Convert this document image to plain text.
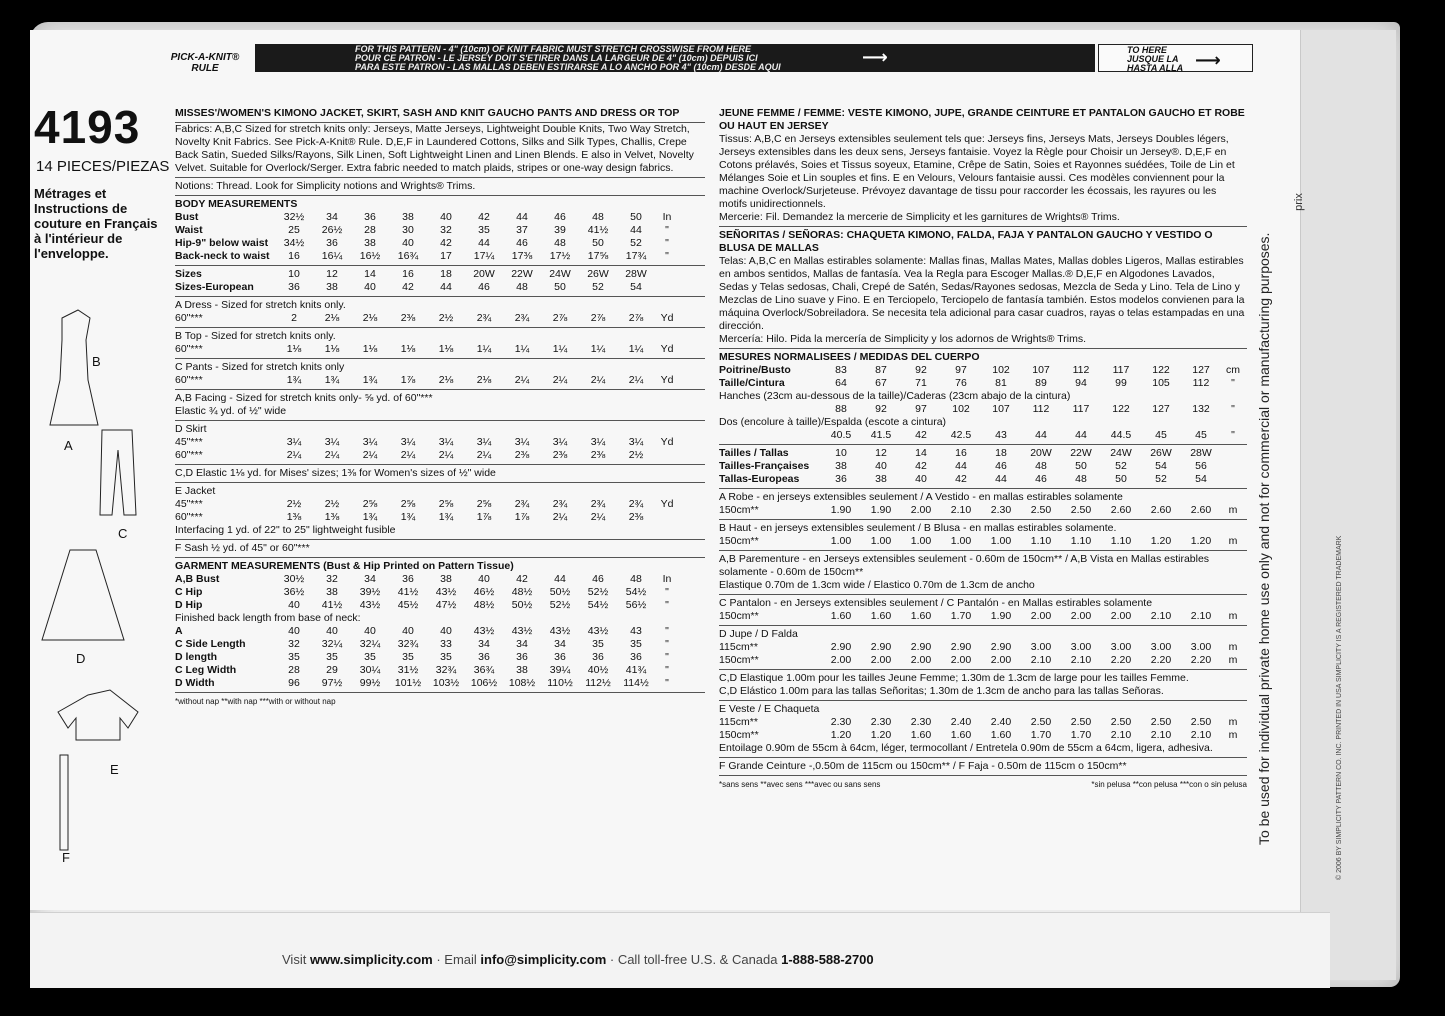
PICK-A-KNIT® RULE
FOR THIS PATTERN - 4" (10cm) OF KNIT FABRIC MUST STRETCH CROSSWISE FROM HERE
POUR CE PATRON - LE JERSEY DOIT S'ETIRER DANS LA LARGEUR DE 4" (10cm) DEPUIS ICI
PARA ESTE PATRON - LAS MALLAS DEBEN ESTIRARSE A LO ANCHO POR 4" (10cm) DESDE AQUI	⟶	TO HERE
JUSQUE LA
HASTA ALLA ⟶
4193
14 PIECES/PIEZAS
Métrages et Instructions de couture en Français à l'intérieur de l'enveloppe.
B
A
C
D
E
F
MISSES'/WOMEN'S KIMONO JACKET, SKIRT, SASH AND KNIT GAUCHO PANTS AND DRESS OR TOP
Fabrics: A,B,C Sized for stretch knits only: Jerseys, Matte Jerseys, Lightweight Double Knits, Two Way Stretch, Novelty Knit Fabrics. See Pick-A-Knit® Rule. D,E,F in Laundered Cottons, Silks and Silk Types, Challis, Crepe Back Satin, Sueded Silks/Rayons, Silk Linen, Soft Lightweight Linen and Linen Blends. E also in Velvet, Novelty Velvet. Suitable for Overlock/Serger. Extra fabric needed to match plaids, stripes or one-way design fabrics.
Notions: Thread. Look for Simplicity notions and Wrights® Trims.
BODY MEASUREMENTS
Bust	32½	34	36	38	40	42	44	46	48	50	In
Waist	25	26½	28	30	32	35	37	39	41½	44	"
Hip-9" below waist	34½	36	38	40	42	44	46	48	50	52	"
Back-neck to waist	16	16¼	16½	16¾	17	17¼	17⅜	17½	17⅝	17¾	"
Sizes	10	12	14	16	18	20W	22W	24W	26W	28W
Sizes-European	36	38	40	42	44	46	48	50	52	54
A Dress - Sized for stretch knits only.
60"***	2	2⅛	2⅛	2⅜	2½	2¾	2¾	2⅞	2⅞	2⅞	Yd
B Top - Sized for stretch knits only.
60"***	1⅛	1⅛	1⅛	1⅛	1⅛	1¼	1¼	1¼	1¼	1¼	Yd
C Pants - Sized for stretch knits only
60"***	1¾	1¾	1¾	1⅞	2⅛	2⅛	2¼	2¼	2¼	2¼	Yd
A,B Facing - Sized for stretch knits only- ⅝ yd. of 60"***
Elastic ¾ yd. of ½" wide
D Skirt
45"***	3¼	3¼	3¼	3¼	3¼	3¼	3¼	3¼	3¼	3¼	Yd
60"***	2¼	2¼	2¼	2¼	2¼	2¼	2⅜	2⅜	2⅜	2½
C,D Elastic 1⅛ yd. for Mises' sizes; 1⅜ for Women's sizes of ½" wide
E Jacket
45"***	2½	2½	2⅝	2⅝	2⅝	2⅝	2¾	2¾	2¾	2¾	Yd
60"***	1⅜	1⅜	1¾	1¾	1¾	1⅞	1⅞	2¼	2¼	2⅜
Interfacing 1 yd. of 22" to 25" lightweight fusible
F Sash ½ yd. of 45" or 60"***
GARMENT MEASUREMENTS (Bust & Hip Printed on Pattern Tissue)
A,B Bust	30½	32	34	36	38	40	42	44	46	48	In
C Hip	36½	38	39½	41½	43½	46½	48½	50½	52½	54½	"
D Hip	40	41½	43½	45½	47½	48½	50½	52½	54½	56½	"
Finished back length from base of neck:
A	40	40	40	40	40	43½	43½	43½	43½	43	"
C Side Length	32	32¼	32¼	32¾	33	34	34	34	35	35	"
D length	35	35	35	35	35	36	36	36	36	36	"
C Leg Width	28	29	30¼	31½	32¾	36¾	38	39¼	40½	41¾	"
D Width	96	97½	99½	101½	103½	106½	108½	110½	112½	114½	"
*without nap **with nap ***with or without nap
JEUNE FEMME / FEMME: VESTE KIMONO, JUPE, GRANDE CEINTURE ET PANTALON GAUCHO ET ROBE OU HAUT EN JERSEY
Tissus: A,B,C en Jerseys extensibles seulement tels que: Jerseys fins, Jerseys Mats, Jerseys Doubles légers, Jerseys extensibles dans les deux sens, Jerseys fantaisie. Voyez la Règle pour Choisir un Jersey®. D,E,F en Cotons prélavés, Soies et Tissus soyeux, Etamine, Crêpe de Satin, Soies et Rayonnes suédées, Toile de Lin et Mélanges Soie et Lin souples et fins. E en Velours, Velours fantaisie aussi. Ces modèles conviennent pour la machine Overlock/Surjeteuse. Prévoyez davantage de tissu pour raccorder les écossais, les rayures ou les motifs unidirectionnels.
Mercerie: Fil. Demandez la mercerie de Simplicity et les garnitures de Wrights® Trims.
SEÑORITAS / SEÑORAS: CHAQUETA KIMONO, FALDA, FAJA Y PANTALON GAUCHO Y VESTIDO O BLUSA DE MALLAS
Telas: A,B,C en Mallas estirables solamente: Mallas finas, Mallas Mates, Mallas dobles Ligeros, Mallas estirables en ambos sentidos, Mallas de fantasía. Vea la Regla para Escoger Mallas.® D,E,F en Algodones Lavados, Sedas y Telas sedosas, Chali, Crepé de Satén, Sedas/Rayones sedosas, Mezcla de Seda y Lino. Tela de Lino y Mezclas de Lino suave y Fino. E en Terciopelo, Terciopelo de fantasía también. Estos modelos convienen para la máquina Overlock/Sobreiladora. Se necesita tela adicional para casar cuadros, rayas o telas estampadas en una dirección.
Mercería: Hilo. Pida la mercería de Simplicity y los adornos de Wrights® Trims.
MESURES NORMALISEES / MEDIDAS DEL CUERPO
Poitrine/Busto	83	87	92	97	102	107	112	117	122	127	cm
Taille/Cintura	64	67	71	76	81	89	94	99	105	112	"
Hanches (23cm au-dessous de la taille)/Caderas (23cm abajo de la cintura)
88	92	97	102	107	112	117	122	127	132	"
Dos (encolure à taille)/Espalda (escote a cintura)
40.5	41.5	42	42.5	43	44	44	44.5	45	45	"
Tailles / Tallas	10	12	14	16	18	20W	22W	24W	26W	28W
Tailles-Françaises	38	40	42	44	46	48	50	52	54	56
Tallas-Europeas	36	38	40	42	44	46	48	50	52	54
A Robe - en jerseys extensibles seulement / A Vestido - en mallas estirables solamente
150cm**	1.90	1.90	2.00	2.10	2.30	2.50	2.50	2.60	2.60	2.60	m
B Haut - en jerseys extensibles seulement / B Blusa - en mallas estirables solamente.
150cm**	1.00	1.00	1.00	1.00	1.00	1.10	1.10	1.10	1.20	1.20	m
A,B Parementure - en Jerseys extensibles seulement - 0.60m de 150cm** / A,B Vista en Mallas estirables solamente - 0.60m de 150cm**
Elastique 0.70m de 1.3cm wide / Elastico 0.70m de 1.3cm de ancho
C Pantalon - en Jerseys extensibles seulement / C Pantalón - en Mallas estirables solamente
150cm**	1.60	1.60	1.60	1.70	1.90	2.00	2.00	2.00	2.10	2.10	m
D Jupe / D Falda
115cm**	2.90	2.90	2.90	2.90	2.90	3.00	3.00	3.00	3.00	3.00	m
150cm**	2.00	2.00	2.00	2.00	2.00	2.10	2.10	2.20	2.20	2.20	m
C,D Elastique 1.00m pour les tailles Jeune Femme; 1.30m de 1.3cm de large pour les tailles Femme.
C,D Elástico 1.00m para las tallas Señoritas; 1.30m de 1.3cm de ancho para las tallas Señoras.
E Veste / E Chaqueta
115cm**	2.30	2.30	2.30	2.40	2.40	2.50	2.50	2.50	2.50	2.50	m
150cm**	1.20	1.20	1.60	1.60	1.60	1.70	1.70	2.10	2.10	2.10	m
Entoilage 0.90m de 55cm à 64cm, léger, termocollant / Entretela 0.90m de 55cm a 64cm, ligera, adhesiva.
F Grande Ceinture -,0.50m de 115cm ou 150cm** / F Faja - 0.50m de 115cm o 150cm**
*sans sens **avec sens ***avec ou sans sens	*sin pelusa **con pelusa ***con o sin pelusa
Visit www.simplicity.com · Email info@simplicity.com · Call toll-free U.S. & Canada 1-888-588-2700
To be used for individual private home use only and not for commercial or manufacturing purposes.
prix
© 2006 BY SIMPLICITY PATTERN CO. INC. PRINTED IN USA SIMPLICITY IS A REGISTERED TRADEMARK
